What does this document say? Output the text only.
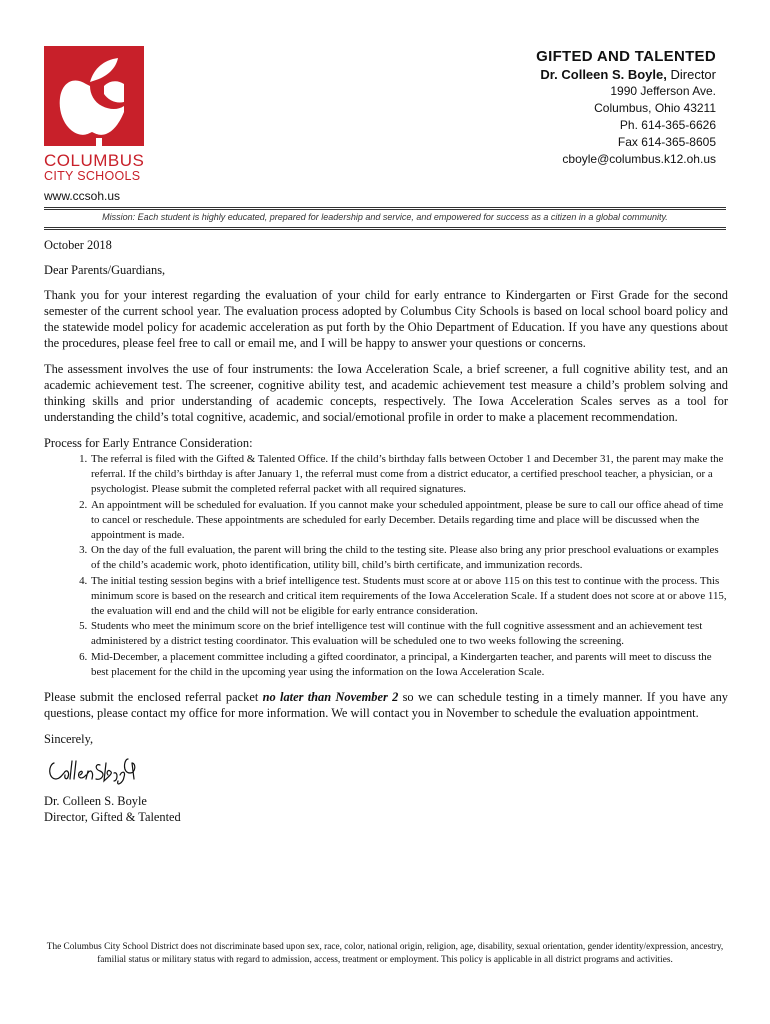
COLUMBUS
CITY SCHOOLS
www.ccsoh.us
GIFTED AND TALENTED
Dr. Colleen S. Boyle, Director
1990 Jefferson Ave.
Columbus, Ohio 43211
Ph. 614-365-6626
Fax 614-365-8605
cboyle@columbus.k12.oh.us
Mission: Each student is highly educated, prepared for leadership and service, and empowered for success as a citizen in a global community.

October 2018

Dear Parents/Guardians,

Thank you for your interest regarding the evaluation of your child for early entrance to Kindergarten or First Grade for the second semester of the current school year. The evaluation process adopted by Columbus City Schools is based on local school board policy and the statewide model policy for academic acceleration as put forth by the Ohio Department of Education. If you have any questions about the procedures, please feel free to call or email me, and I will be happy to answer your questions or concerns.

The assessment involves the use of four instruments: the Iowa Acceleration Scale, a brief screener, a full cognitive ability test, and an academic achievement test. The screener, cognitive ability test, and academic achievement test measure a child’s problem solving and thinking skills and prior understanding of academic concepts, respectively. The Iowa Acceleration Scales serves as a tool for understanding the child’s total cognitive, academic, and social/emotional profile in order to make a placement recommendation.

Process for Early Entrance Consideration:

1. The referral is filed with the Gifted & Talented Office. If the child’s birthday falls between October 1 and December 31, the parent may make the referral. If the child’s birthday is after January 1, the referral must come from a district educator, a certified preschool teacher, a physician, or a psychologist. Please submit the completed referral packet with all required signatures.
2. An appointment will be scheduled for evaluation. If you cannot make your scheduled appointment, please be sure to call our office ahead of time to cancel or reschedule. These appointments are scheduled for early December. Details regarding time and place will be discussed when the appointment is made.
3. On the day of the full evaluation, the parent will bring the child to the testing site. Please also bring any prior preschool evaluations or examples of the child’s academic work, photo identification, utility bill, child’s birth certificate, and immunization records.
4. The initial testing session begins with a brief intelligence test. Students must score at or above 115 on this test to continue with the process. This minimum score is based on the research and critical item requirements of the Iowa Acceleration Scale. If a student does not score at or above 115, the evaluation will end and the child will not be eligible for early entrance consideration.
5. Students who meet the minimum score on the brief intelligence test will continue with the full cognitive assessment and an achievement test administered by a district testing coordinator. This evaluation will be scheduled one to two weeks following the screening.
6. Mid-December, a placement committee including a gifted coordinator, a principal, a Kindergarten teacher, and parents will meet to discuss the best placement for the child in the upcoming year using the information on the Iowa Acceleration Scale.

Please submit the enclosed referral packet no later than November 2 so we can schedule testing in a timely manner. If you have any questions, please contact my office for more information. We will contact you in November to schedule the evaluation appointment.

Sincerely,

Dr. Colleen S. Boyle

Director, Gifted & Talented

The Columbus City School District does not discriminate based upon sex, race, color, national origin, religion, age, disability, sexual orientation, gender identity/expression, ancestry, familial status or military status with regard to admission, access, treatment or employment. This policy is applicable in all district programs and activities.
